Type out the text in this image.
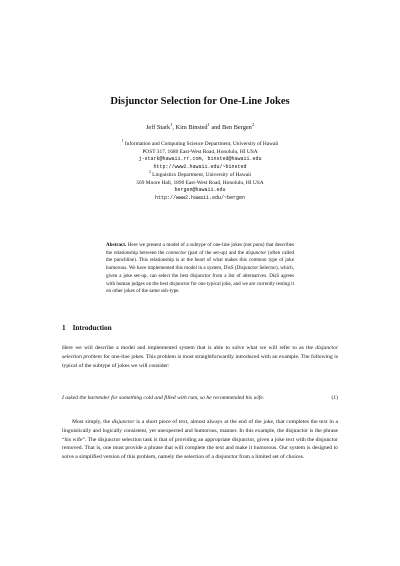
Disjunctor Selection for One-Line Jokes
Jeff Stark$^1$, Kim Binsted$^1$ and Ben Bergen$^2$
$^1$ Information and Computing Science Department, University of Hawaii
POST 317, 1680 East-West Road, Honolulu, HI USA
j-stark@hawaii.rr.com, binsted@hawaii.edu
http://www2.hawaii.edu/~binsted
$^2$ Linguistics Department, University of Hawaii
569 Moore Hall, 1890 East-West Road, Honolulu, HI USA
bergen@hawaii.edu
http://www2.hawaii.edu/~bergen
Abstract. Here we present a model of a subtype of one-line jokes (not puns) that describes the relationship between the connector (part of the set-up) and the disjunctor (often called the punchline). This relationship is at the heart of what makes this common type of joke humorous. We have implemented this model in a system, DisS (Disjunctor Selector), which, given a joke set-up, can select the best disjunctor from a list of alternatives. DisS agrees with human judges on the best disjunctor for one typical joke, and we are currently testing it on other jokes of the same sub-type.
1 Introduction
Here we will describe a model and implemented system that is able to solve what we will refer to as the disjunctor selection problem for one-line jokes. This problem is most straightforwardly introduced with an example. The following is typical of the subtype of jokes we will consider:
I asked the bartender for something cold and filled with rum, so he recommended his wife.	(1)
Most simply, the disjunctor is a short piece of text, almost always at the end of the joke, that completes the text in a linguistically and logically consistent, yet unexpected and humorous, manner. In this example, the disjunctor is the phrase “his wife”. The disjunctor selection task is that of providing an appropriate disjunctor, given a joke text with the disjunctor removed. That is, one must provide a phrase that will complete the text and make it humorous. Our system is designed to solve a simplified version of this problem, namely the selection of a disjunctor from a limited set of choices.
